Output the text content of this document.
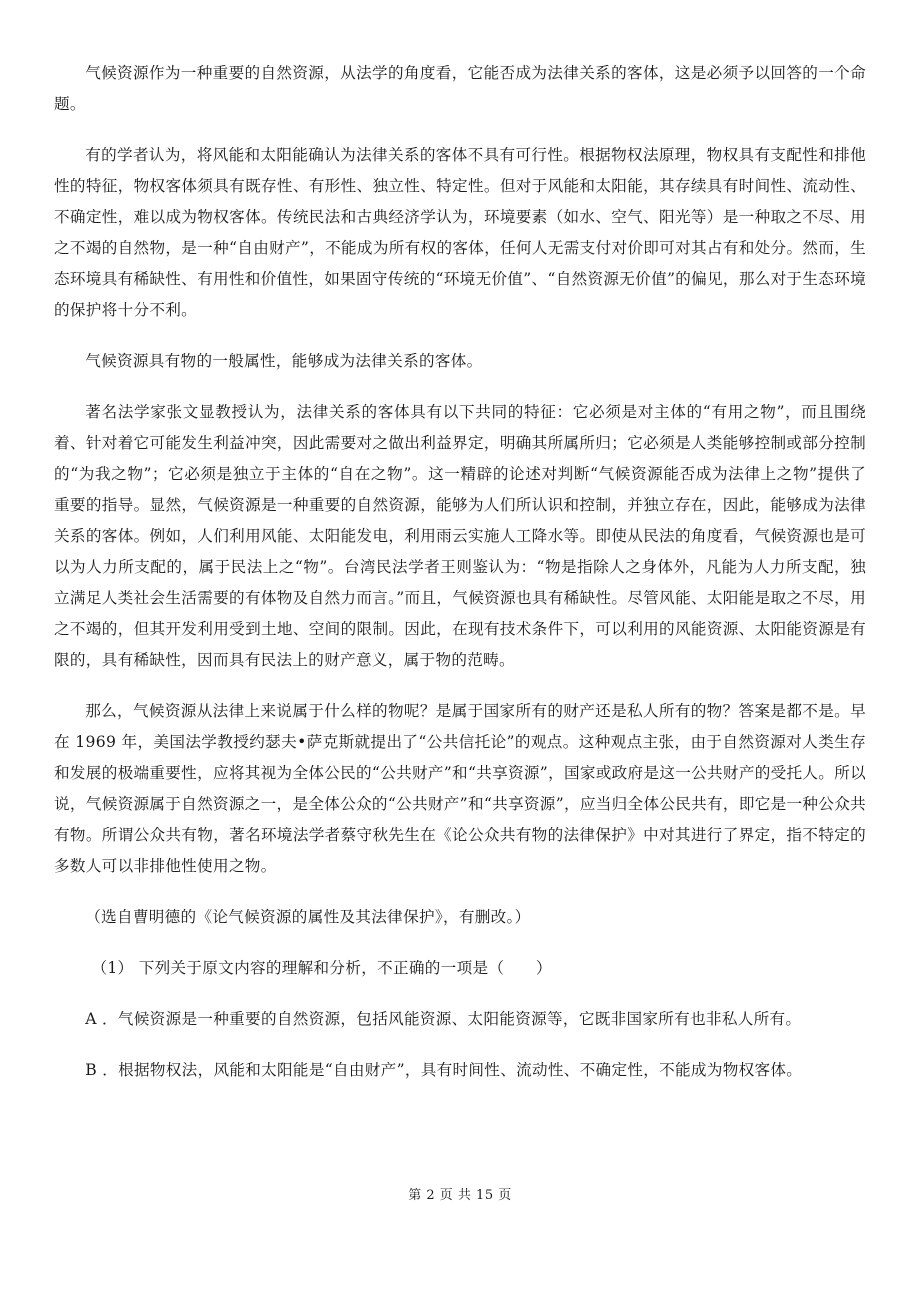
气候资源作为一种重要的自然资源，从法学的角度看，它能否成为法律关系的客体，这是必须予以回答的一个命题。

有的学者认为，将风能和太阳能确认为法律关系的客体不具有可行性。根据物权法原理，物权具有支配性和排他性的特征，物权客体须具有既存性、有形性、独立性、特定性。但对于风能和太阳能，其存续具有时间性、流动性、不确定性，难以成为物权客体。传统民法和古典经济学认为，环境要素（如水、空气、阳光等）是一种取之不尽、用之不竭的自然物，是一种“自由财产”，不能成为所有权的客体，任何人无需支付对价即可对其占有和处分。然而，生态环境具有稀缺性、有用性和价值性，如果固守传统的“环境无价值”、“自然资源无价值”的偏见，那么对于生态环境的保护将十分不利。

气候资源具有物的一般属性，能够成为法律关系的客体。

著名法学家张文显教授认为，法律关系的客体具有以下共同的特征：它必须是对主体的“有用之物”，而且围绕着、针对着它可能发生利益冲突，因此需要对之做出利益界定，明确其所属所归；它必须是人类能够控制或部分控制的“为我之物”；它必须是独立于主体的“自在之物”。这一精辟的论述对判断“气候资源能否成为法律上之物”提供了重要的指导。显然，气候资源是一种重要的自然资源，能够为人们所认识和控制，并独立存在，因此，能够成为法律关系的客体。例如，人们利用风能、太阳能发电，利用雨云实施人工降水等。即使从民法的角度看，气候资源也是可以为人力所支配的，属于民法上之“物”。台湾民法学者王则鉴认为：“物是指除人之身体外，凡能为人力所支配，独立满足人类社会生活需要的有体物及自然力而言。”而且，气候资源也具有稀缺性。尽管风能、太阳能是取之不尽，用之不竭的，但其开发利用受到土地、空间的限制。因此，在现有技术条件下，可以利用的风能资源、太阳能资源是有限的，具有稀缺性，因而具有民法上的财产意义，属于物的范畴。

那么，气候资源从法律上来说属于什么样的物呢？是属于国家所有的财产还是私人所有的物？答案是都不是。早在 1969 年，美国法学教授约瑟夫•萨克斯就提出了“公共信托论”的观点。这种观点主张，由于自然资源对人类生存和发展的极端重要性，应将其视为全体公民的“公共财产”和“共享资源”，国家或政府是这一公共财产的受托人。所以说，气候资源属于自然资源之一，是全体公众的“公共财产”和“共享资源”，应当归全体公民共有，即它是一种公众共有物。所谓公众共有物，著名环境法学者蔡守秋先生在《论公众共有物的法律保护》中对其进行了界定，指不特定的多数人可以非排他性使用之物。

（选自曹明德的《论气候资源的属性及其法律保护》，有删改。）

（1） 下列关于原文内容的理解和分析，不正确的一项是（　　）

A ．气候资源是一种重要的自然资源，包括风能资源、太阳能资源等，它既非国家所有也非私人所有。

B ．根据物权法，风能和太阳能是“自由财产”，具有时间性、流动性、不确定性，不能成为物权客体。

第 2 页 共 15 页
